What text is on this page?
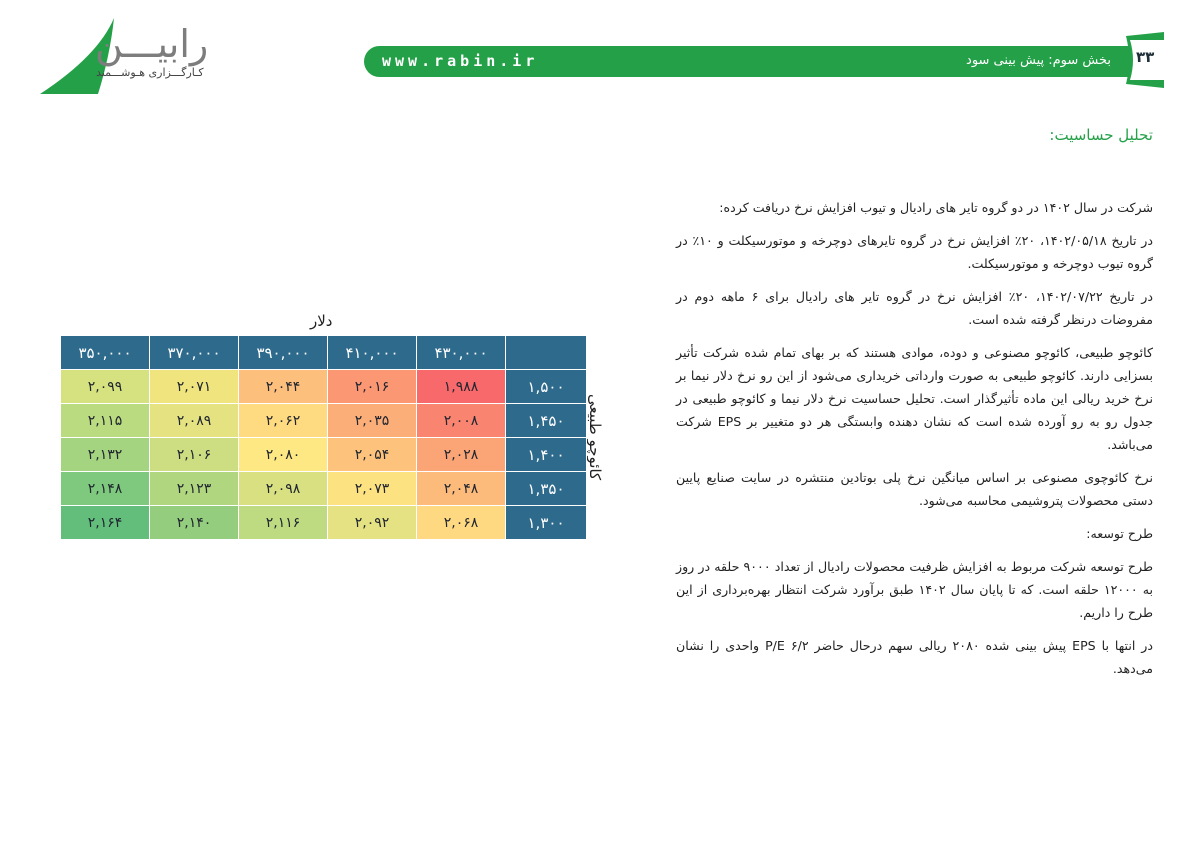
رابیـــن
کـارگـــزاری هـوشـــمند
www.rabin.ir	بخش سوم: پیش بینی سود ۳۳
تحلیل حساسیت:

شرکت در سال ۱۴۰۲ در دو گروه تایر های رادیال و تیوب افزایش نرخ دریافت کرده:

در تاریخ ۱۴۰۲/۰۵/۱۸، ۲۰٪ افزایش نرخ در گروه تایرهای دوچرخه و موتورسیکلت و ۱۰٪ در گروه تیوب دوچرخه و موتورسیکلت.

در تاریخ ۱۴۰۲/۰۷/۲۲، ۲۰٪ افزایش نرخ در گروه تایر های رادیال برای ۶ ماهه دوم در مفروضات درنظر گرفته شده است.

کائوچو طبیعی، کائوچو مصنوعی و دوده، موادی هستند که بر بهای تمام شده شرکت تأثیر بسزایی دارند. کائوچو طبیعی به صورت وارداتی خریداری می‌شود از این رو نرخ دلار نیما بر نرخ خرید ریالی این ماده تأثیرگذار است. تحلیل حساسیت نرخ دلار نیما و کائوچو طبیعی در جدول رو به رو آورده شده است که نشان دهنده وابستگی هر دو متغییر بر EPS شرکت می‌باشد.

نرخ کائوچوی مصنوعی بر اساس میانگین نرخ پلی بوتادین منتشره در سایت صنایع پایین دستی محصولات پتروشیمی محاسبه می‌شود.

طرح توسعه:

طرح توسعه شرکت مربوط به افزایش ظرفیت محصولات رادیال از تعداد ۹۰۰۰ حلقه در روز به ۱۲۰۰۰ حلقه است. که تا پایان سال ۱۴۰۲ طبق برآورد شرکت انتظار بهره‌برداری از این طرح را داریم.

در انتها با EPS پیش بینی شده ۲۰۸۰ ریالی سهم درحال حاضر P/E ۶/۲ واحدی را نشان می‌دهد.

دلار
کائوچو طبیعی
۳۵۰,۰۰۰	۳۷۰,۰۰۰	۳۹۰,۰۰۰	۴۱۰,۰۰۰	۴۳۰,۰۰۰	
۲,۰۹۹	۲,۰۷۱	۲,۰۴۴	۲,۰۱۶	۱,۹۸۸	۱,۵۰۰
۲,۱۱۵	۲,۰۸۹	۲,۰۶۲	۲,۰۳۵	۲,۰۰۸	۱,۴۵۰
۲,۱۳۲	۲,۱۰۶	۲,۰۸۰	۲,۰۵۴	۲,۰۲۸	۱,۴۰۰
۲,۱۴۸	۲,۱۲۳	۲,۰۹۸	۲,۰۷۳	۲,۰۴۸	۱,۳۵۰
۲,۱۶۴	۲,۱۴۰	۲,۱۱۶	۲,۰۹۲	۲,۰۶۸	۱,۳۰۰
